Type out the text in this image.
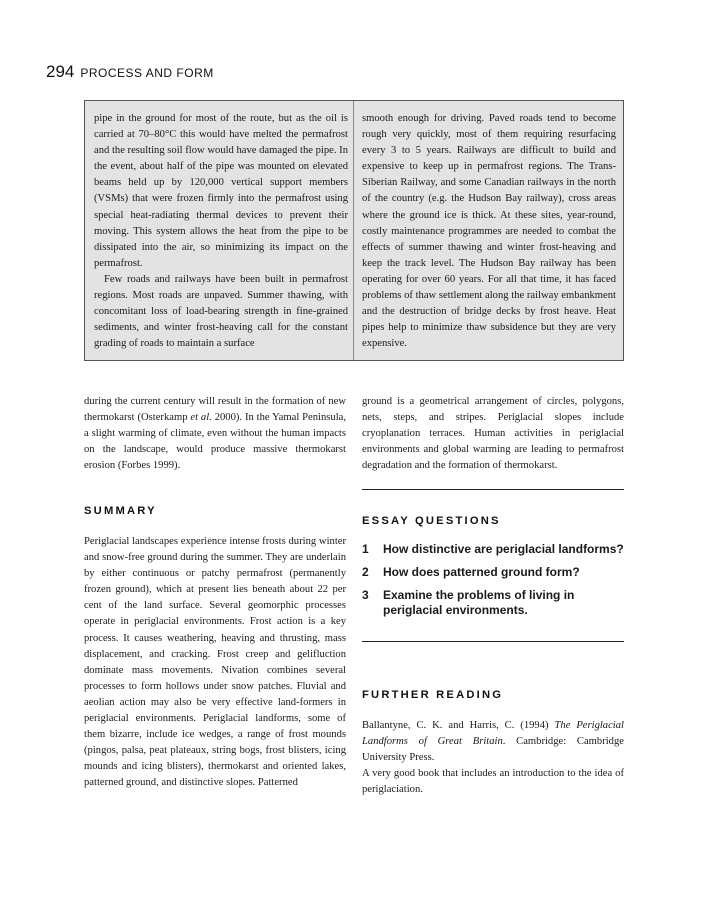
294 PROCESS AND FORM

pipe in the ground for most of the route, but as the oil is carried at 70–80°C this would have melted the permafrost and the resulting soil flow would have damaged the pipe. In the event, about half of the pipe was mounted on elevated beams held up by 120,000 vertical support members (VSMs) that were frozen firmly into the permafrost using special heat-radiating thermal devices to prevent their moving. This system allows the heat from the pipe to be dissipated into the air, so minimizing its impact on the permafrost.

Few roads and railways have been built in permafrost regions. Most roads are unpaved. Summer thawing, with concomitant loss of load-bearing strength in fine-grained sediments, and winter frost-heaving call for the constant grading of roads to maintain a surface

smooth enough for driving. Paved roads tend to become rough very quickly, most of them requiring resurfacing every 3 to 5 years. Railways are difficult to build and expensive to keep up in permafrost regions. The Trans-Siberian Railway, and some Canadian railways in the north of the country (e.g. the Hudson Bay railway), cross areas where the ground ice is thick. At these sites, year-round, costly maintenance programmes are needed to combat the effects of summer thawing and winter frost-heaving and keep the track level. The Hudson Bay railway has been operating for over 60 years. For all that time, it has faced problems of thaw settlement along the railway embankment and the destruction of bridge decks by frost heave. Heat pipes help to minimize thaw subsidence but they are very expensive.

during the current century will result in the formation of new thermokarst (Osterkamp et al. 2000). In the Yamal Peninsula, a slight warming of climate, even without the human impacts on the landscape, would produce massive thermokarst erosion (Forbes 1999).

SUMMARY

Periglacial landscapes experience intense frosts during winter and snow-free ground during the summer. They are underlain by either continuous or patchy permafrost (permanently frozen ground), which at present lies beneath about 22 per cent of the land surface. Several geomorphic processes operate in periglacial environments. Frost action is a key process. It causes weathering, heaving and thrusting, mass displacement, and cracking. Frost creep and gelifluction dominate mass movements. Nivation combines several processes to form hollows under snow patches. Fluvial and aeolian action may also be very effective land-formers in periglacial environments. Periglacial landforms, some of them bizarre, include ice wedges, a range of frost mounds (pingos, palsa, peat plateaux, string bogs, frost blisters, icing mounds and icing blisters), thermokarst and oriented lakes, patterned ground, and distinctive slopes. Patterned

ground is a geometrical arrangement of circles, polygons, nets, steps, and stripes. Periglacial slopes include cryoplanation terraces. Human activities in periglacial environments and global warming are leading to permafrost degradation and the formation of thermokarst.

ESSAY QUESTIONS
1	How distinctive are periglacial landforms?
2	How does patterned ground form?
3	Examine the problems of living in periglacial environments.
FURTHER READING

Ballantyne, C. K. and Harris, C. (1994) The Periglacial Landforms of Great Britain. Cambridge: Cambridge University Press.

A very good book that includes an introduction to the idea of periglaciation.
